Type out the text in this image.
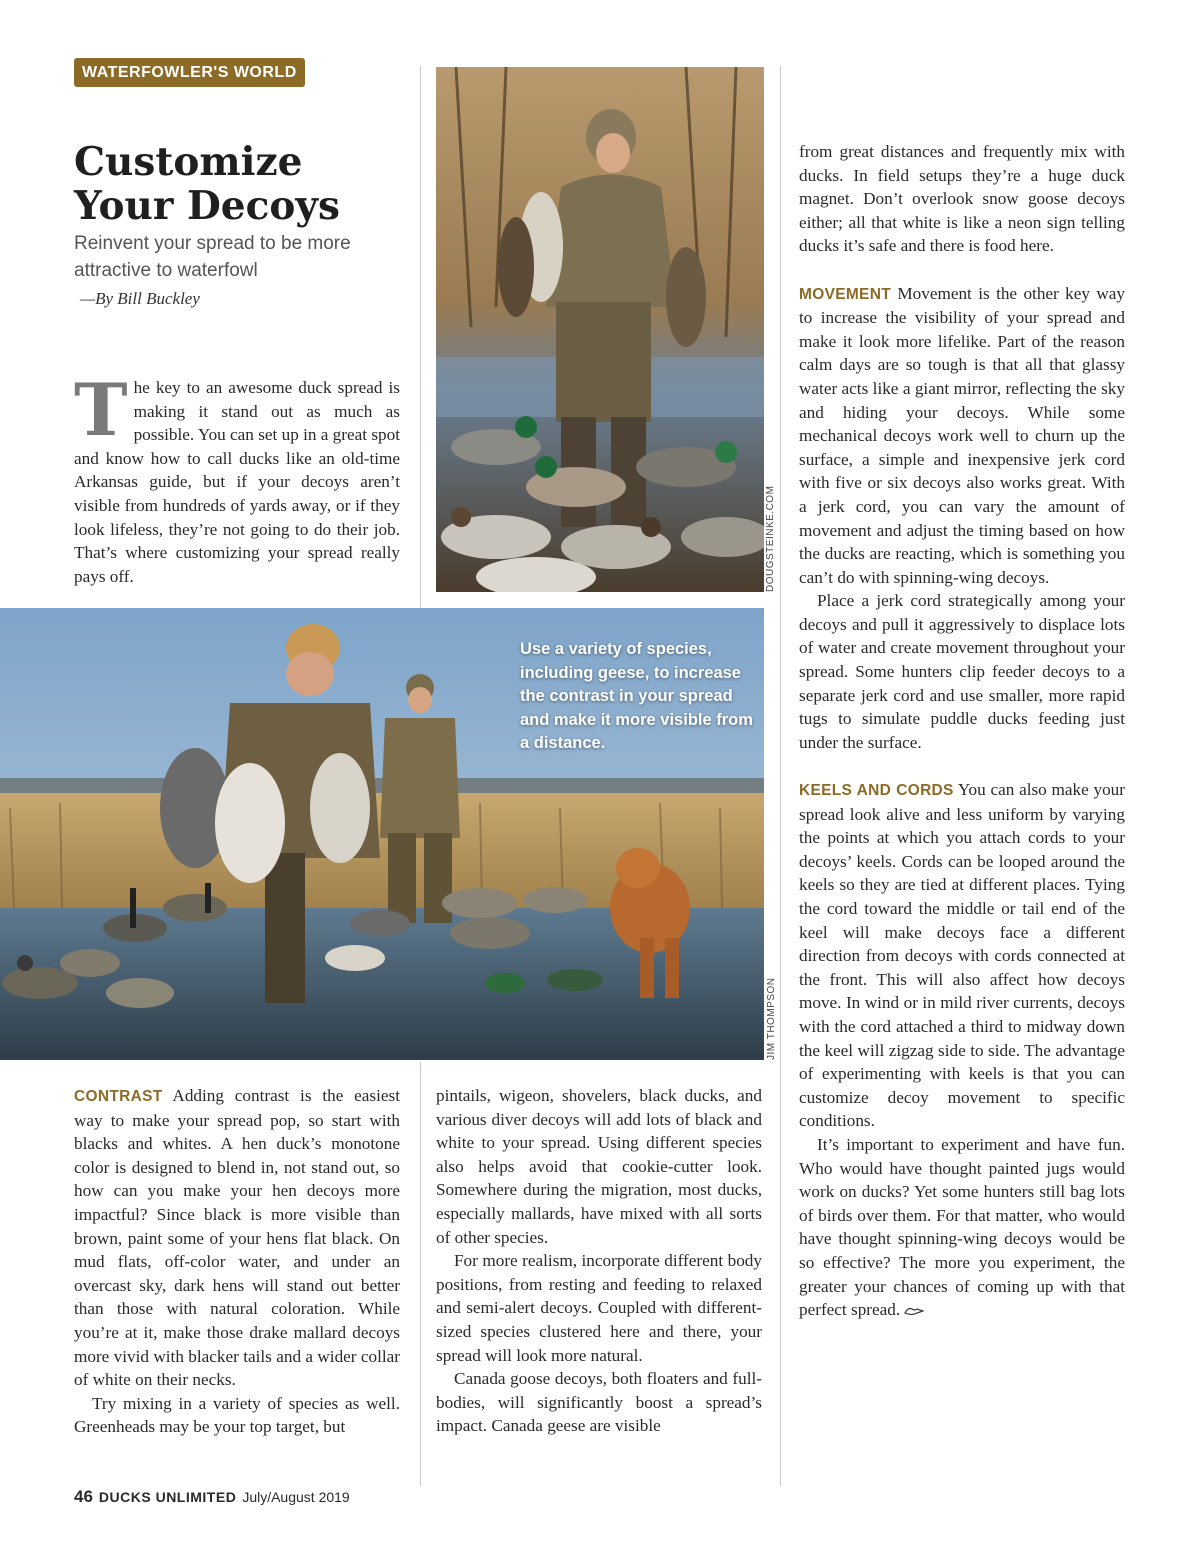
WATERFOWLER'S WORLD
Customize
Your Decoys
Reinvent your spread to be more attractive to waterfowl
—By Bill Buckley

The key to an awesome duck spread is making it stand out as much as possible. You can set up in a great spot and know how to call ducks like an old-time Arkansas guide, but if your decoys aren’t visible from hundreds of yards away, or if they look lifeless, they’re not going to do their job. That’s where customizing your spread really pays off.	DOUGSTEINKE.COM
Use a variety of species, including geese, to increase the contrast in your spread and make it more visible from a distance.
JIM THOMPSON

CONTRAST Adding contrast is the easiest way to make your spread pop, so start with blacks and whites. A hen duck’s monotone color is designed to blend in, not stand out, so how can you make your hen decoys more impactful? Since black is more visible than brown, paint some of your hens flat black. On mud flats, off-color water, and under an overcast sky, dark hens will stand out better than those with natural coloration. While you’re at it, make those drake mallard decoys more vivid with blacker tails and a wider collar of white on their necks.

Try mixing in a variety of species as well. Greenheads may be your top target, but

pintails, wigeon, shovelers, black ducks, and various diver decoys will add lots of black and white to your spread. Using different species also helps avoid that cookie-cutter look. Somewhere during the migration, most ducks, especially mallards, have mixed with all sorts of other species.

For more realism, incorporate different body positions, from resting and feeding to relaxed and semi-alert decoys. Coupled with different-sized species clustered here and there, your spread will look more natural.

Canada goose decoys, both floaters and full-bodies, will significantly boost a spread’s impact. Canada geese are visible

from great distances and frequently mix with ducks. In field setups they’re a huge duck magnet. Don’t overlook snow goose decoys either; all that white is like a neon sign telling ducks it’s safe and there is food here.

MOVEMENT Movement is the other key way to increase the visibility of your spread and make it look more lifelike. Part of the reason calm days are so tough is that all that glassy water acts like a giant mirror, reflecting the sky and hiding your decoys. While some mechanical decoys work well to churn up the surface, a simple and inexpensive jerk cord with five or six decoys also works great. With a jerk cord, you can vary the amount of movement and adjust the timing based on how the ducks are reacting, which is something you can’t do with spinning-wing decoys.

Place a jerk cord strategically among your decoys and pull it aggressively to displace lots of water and create movement throughout your spread. Some hunters clip feeder decoys to a separate jerk cord and use smaller, more rapid tugs to simulate puddle ducks feeding just under the surface.

KEELS AND CORDS You can also make your spread look alive and less uniform by varying the points at which you attach cords to your decoys’ keels. Cords can be looped around the keels so they are tied at different places. Tying the cord toward the middle or tail end of the keel will make decoys face a different direction from decoys with cords connected at the front. This will also affect how decoys move. In wind or in mild river currents, decoys with the cord attached a third to midway down the keel will zigzag side to side. The advantage of experimenting with keels is that you can customize decoy movement to specific conditions.

It’s important to experiment and have fun. Who would have thought painted jugs would work on ducks? Yet some hunters still bag lots of birds over them. For that matter, who would have thought spinning-wing decoys would be so effective? The more you experiment, the greater your chances of coming up with that perfect spread.

46 DUCKS UNLIMITED July/August 2019
